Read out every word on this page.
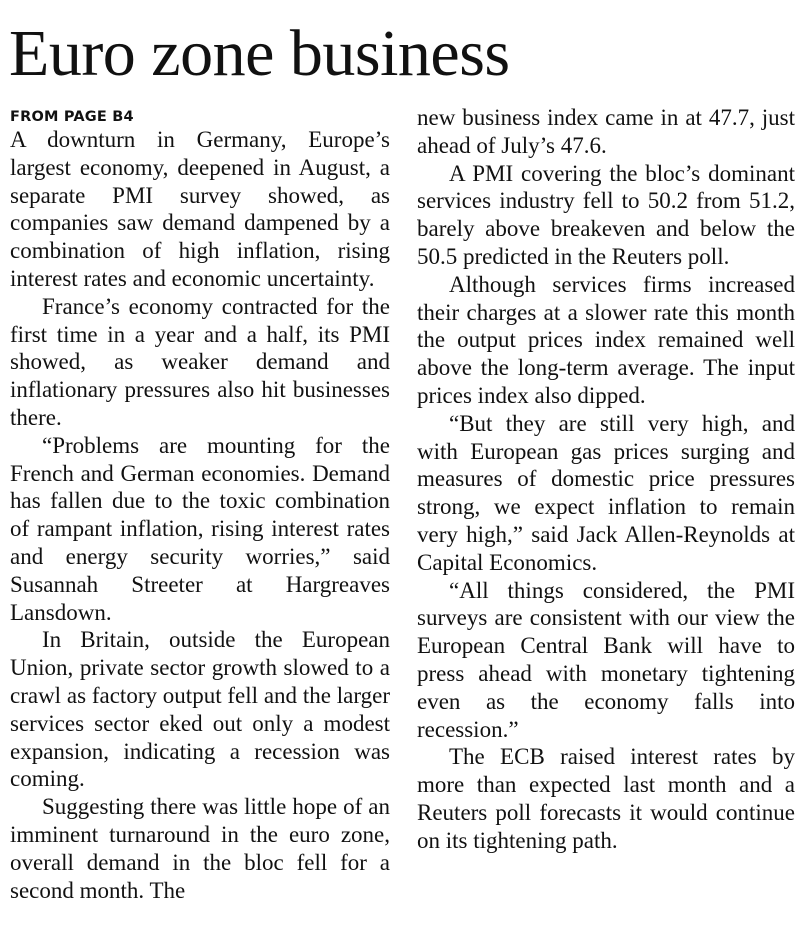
Euro zone business
FROM PAGE B4

A downturn in Germany, Europe’s largest economy, deepened in August, a separate PMI survey showed, as companies saw demand dampened by a combination of high inflation, rising interest rates and economic uncertainty.

France’s economy contracted for the first time in a year and a half, its PMI showed, as weaker demand and inflationary pressures also hit businesses there.

“Problems are mounting for the French and German economies. Demand has fallen due to the toxic combination of rampant inflation, rising interest rates and energy security worries,” said Susannah Streeter at Hargreaves Lansdown.

In Britain, outside the European Union, private sector growth slowed to a crawl as factory output fell and the larger services sector eked out only a modest expansion, indicating a recession was coming.

Suggesting there was little hope of an imminent turnaround in the euro zone, overall demand in the bloc fell for a second month. The

new business index came in at 47.7, just ahead of July’s 47.6.

A PMI covering the bloc’s dominant services industry fell to 50.2 from 51.2, barely above breakeven and below the 50.5 predicted in the Reuters poll.

Although services firms increased their charges at a slower rate this month the output prices index remained well above the long-term average. The input prices index also dipped.

“But they are still very high, and with European gas prices surging and measures of domestic price pressures strong, we expect inflation to remain very high,” said Jack Allen-Reynolds at Capital Economics.

“All things considered, the PMI surveys are consistent with our view the European Central Bank will have to press ahead with monetary tightening even as the economy falls into recession.”

The ECB raised interest rates by more than expected last month and a Reuters poll forecasts it would continue on its tightening path.
